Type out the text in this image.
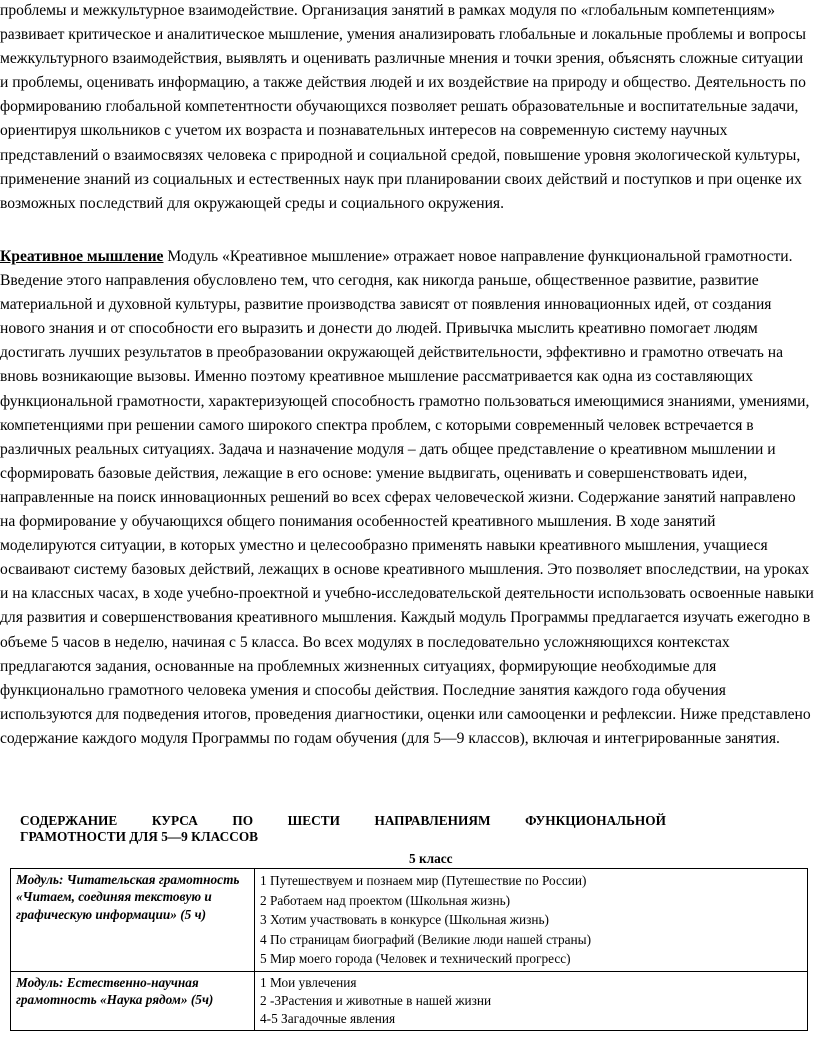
проблемы и межкультурное взаимодействие. Организация занятий в рамках модуля по «глобальным компетенциям» развивает критическое и аналитическое мышление, умения анализировать глобальные и локальные проблемы и вопросы межкультурного взаимодействия, выявлять и оценивать различные мнения и точки зрения, объяснять сложные ситуации и проблемы, оценивать информацию, а также действия людей и их воздействие на природу и общество. Деятельность по формированию глобальной компетентности обучающихся позволяет решать образовательные и воспитательные задачи, ориентируя школьников с учетом их возраста и познавательных интересов на современную систему научных представлений о взаимосвязях человека с природной и социальной средой, повышение уровня экологической культуры, применение знаний из социальных и естественных наук при планировании своих действий и поступков и при оценке их возможных последствий для окружающей среды и социального окружения.

Креативное мышление Модуль «Креативное мышление» отражает новое направление функциональной грамотности. Введение этого направления обусловлено тем, что сегодня, как никогда раньше, общественное развитие, развитие материальной и духовной культуры, развитие производства зависят от появления инновационных идей, от создания нового знания и от способности его выразить и донести до людей. Привычка мыслить креативно помогает людям достигать лучших результатов в преобразовании окружающей действительности, эффективно и грамотно отвечать на вновь возникающие вызовы. Именно поэтому креативное мышление рассматривается как одна из составляющих функциональной грамотности, характеризующей способность грамотно пользоваться имеющимися знаниями, умениями, компетенциями при решении самого широкого спектра проблем, с которыми современный человек встречается в различных реальных ситуациях. Задача и назначение модуля – дать общее представление о креативном мышлении и сформировать базовые действия, лежащие в его основе: умение выдвигать, оценивать и совершенствовать идеи, направленные на поиск инновационных решений во всех сферах человеческой жизни. Содержание занятий направлено на формирование у обучающихся общего понимания особенностей креативного мышления. В ходе занятий моделируются ситуации, в которых уместно и целесообразно применять навыки креативного мышления, учащиеся осваивают систему базовых действий, лежащих в основе креативного мышления. Это позволяет впоследствии, на уроках и на классных часах, в ходе учебно-проектной и учебно-исследовательской деятельности использовать освоенные навыки для развития и совершенствования креативного мышления. Каждый модуль Программы предлагается изучать ежегодно в объеме 5 часов в неделю, начиная с 5 класса. Во всех модулях в последовательно усложняющихся контекстах предлагаются задания, основанные на проблемных жизненных ситуациях, формирующие необходимые для функционально грамотного человека умения и способы действия. Последние занятия каждого года обучения используются для подведения итогов, проведения диагностики, оценки или самооценки и рефлексии. Ниже представлено содержание каждого модуля Программы по годам обучения (для 5—9 классов), включая и интегрированные занятия.

СОДЕРЖАНИЕ	КУРСА	ПО	ШЕСТИ	НАПРАВЛЕНИЯМ	ФУНКЦИОНАЛЬНОЙ
ГРАМОТНОСТИ ДЛЯ 5—9 КЛАССОВ
5 класс
Модуль: Читательская грамотность «Читаем, соединяя текстовую и графическую информации» (5 ч)	1 Путешествуем и познаем мир (Путешествие по России)
2 Работаем над проектом (Школьная жизнь)
3 Хотим участвовать в конкурсе (Школьная жизнь)
4 По страницам биографий (Великие люди нашей страны)
5 Мир моего города (Человек и технический прогресс)

Модуль: Естественно-научная грамотность «Наука рядом» (5ч)	1 Мои увлечения
2 -3Растения и животные в нашей жизни
4-5 Загадочные явления
